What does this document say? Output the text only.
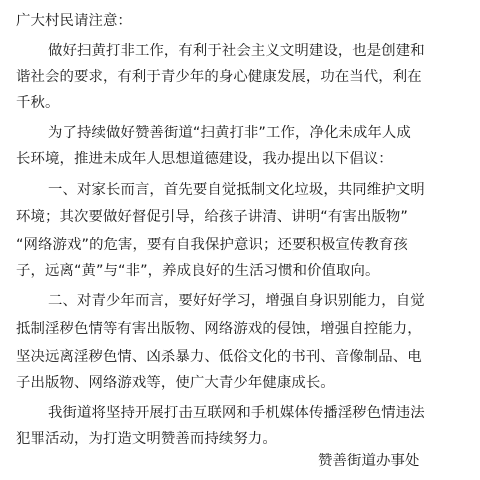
广大村民请注意：
做好扫黄打非工作，有利于社会主义文明建设，也是创建和
谐社会的要求，有利于青少年的身心健康发展，功在当代，利在
千秋。
为了持续做好赞善街道“扫黄打非”工作，净化未成年人成
长环境，推进未成年人思想道德建设，我办提出以下倡议：
一、对家长而言，首先要自觉抵制文化垃圾，共同维护文明
环境；其次要做好督促引导，给孩子讲清、讲明“有害出版物”
“网络游戏”的危害，要有自我保护意识；还要积极宣传教育孩
子，远离“黄”与“非”，养成良好的生活习惯和价值取向。
二、对青少年而言，要好好学习，增强自身识别能力，自觉
抵制淫秽色情等有害出版物、网络游戏的侵蚀，增强自控能力，
坚决远离淫秽色情、凶杀暴力、低俗文化的书刊、音像制品、电
子出版物、网络游戏等，使广大青少年健康成长。
我街道将坚持开展打击互联网和手机媒体传播淫秽色情违法
犯罪活动，为打造文明赞善而持续努力。
赞善街道办事处
